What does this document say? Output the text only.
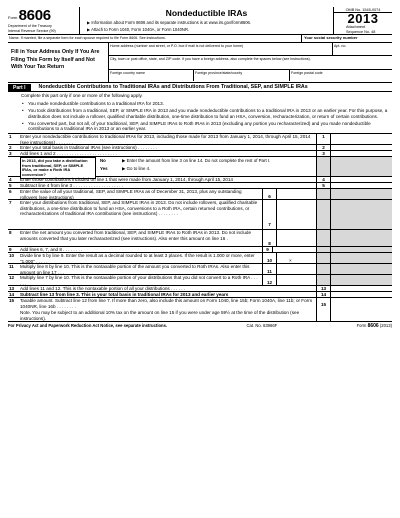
Form 8606
Department of the Treasury
Internal Revenue Service (99)
Nondeductible IRAs
▶ Information about Form 8606 and its separate instructions is at www.irs.gov/form8606.
▶ Attach to Form 1040, Form 1040A, or Form 1040NR.
OMB No. 1545-0074
2013
Attachment
Sequence No. 48
Name. If married, file a separate form for each spouse required to file Form 8606. See instructions.	Your social security number
Fill in Your Address Only If You Are Filing This Form by Itself and Not With Your Tax Return
Home address (number and street, or P.O. box if mail is not delivered to your home)	Apt. no.
City, town or post office, state, and ZIP code. If you have a foreign address, also complete the spaces below (see instructions).
Foreign country name	Foreign province/state/county	Foreign postal code
Part I	Nondeductible Contributions to Traditional IRAs and Distributions From Traditional, SEP, and SIMPLE IRAs
Complete this part only if one or more of the following apply.
• You made nondeductible contributions to a traditional IRA for 2013.
• You took distributions from a traditional, SEP, or SIMPLE IRA in 2013 and you made nondeductible contributions to a traditional IRA in 2013 or an earlier year. For this purpose, a distribution does not include a rollover, qualified charitable distribution, one-time distribution to fund an HSA, conversion, recharacterization, or return of certain contributions.
• You converted part, but not all, of your traditional, SEP, and SIMPLE IRAs to Roth IRAs in 2013 (excluding any portion you recharacterized) and you made nondeductible contributions to a traditional IRA in 2013 or an earlier year.
1	Enter your nondeductible contributions to traditional IRAs for 2013, including those made for 2013 from January 1, 2014, through April 15, 2014 (see instructions) . . . . . . .
1
2	Enter your total basis in traditional IRAs (see instructions) . . . . . . . .	2
3	Add lines 1 and 2 . . . . . . . . . . . . . . . . . . . . . . . .	3
In 2013, did you take a distribution from traditional, SEP, or SIMPLE IRAs, or make a Roth IRA conversion?
No	▶ Enter the amount from line 3 on line 14. Do not complete the rest of Part I.
Yes	▶ Go to line 4.
4	Enter those contributions included on line 1 that were made from January 1, 2014, through April 15, 2014	4
5	Subtract line 4 from line 3 . . . . . . . . . . . . . . . . . . . .	5
6	Enter the value of all your traditional, SEP, and SIMPLE IRAs as of December 31, 2013, plus any outstanding rollovers (see instructions)	6
7	Enter your distributions from traditional, SEP, and SIMPLE IRAs in 2013. Do not include rollovers, qualified charitable distributions, a one-time distribution to fund an HSA, conversions to a Roth IRA, certain returned contributions, or recharacterizations of traditional IRA contributions (see instructions) . . . . . . . .
7
8	Enter the net amount you converted from traditional, SEP, and SIMPLE IRAs to Roth IRAs in 2013. Do not include amounts converted that you later recharacterized (see instructions). Also enter this amount on line 16 .
8
9	Add lines 6, 7, and 8 . . . . . . . .	9
10	Divide line 5 by line 9. Enter the result as a decimal rounded to at least 3 places. If the result is 1.000 or more, enter "1.000" . . . . .	10	×
11	Multiply line 8 by line 10. This is the nontaxable portion of the amount you converted to Roth IRAs. Also enter this amount on line 17 . . .	11
12	Multiply line 7 by line 10. This is the nontaxable portion of your distributions that you did not convert to a Roth IRA . . . . . .	12
13	Add lines 11 and 12. This is the nontaxable portion of all your distributions . . . . . .	13
14	Subtract line 13 from line 3. This is your total basis in traditional IRAs for 2013 and earlier years	14
15	Taxable amount. Subtract line 12 from line 7. If more than zero, also include this amount on Form 1040, line 15b; Form 1040A, line 11b; or Form 1040NR, line 16b . . . . . . . .
Note. You may be subject to an additional 10% tax on the amount on line 15 if you were under age 59½ at the time of the distribution (see instructions).
15
For Privacy Act and Paperwork Reduction Act Notice, see separate instructions.	Cat. No. 63966F	Form 8606 (2013)
